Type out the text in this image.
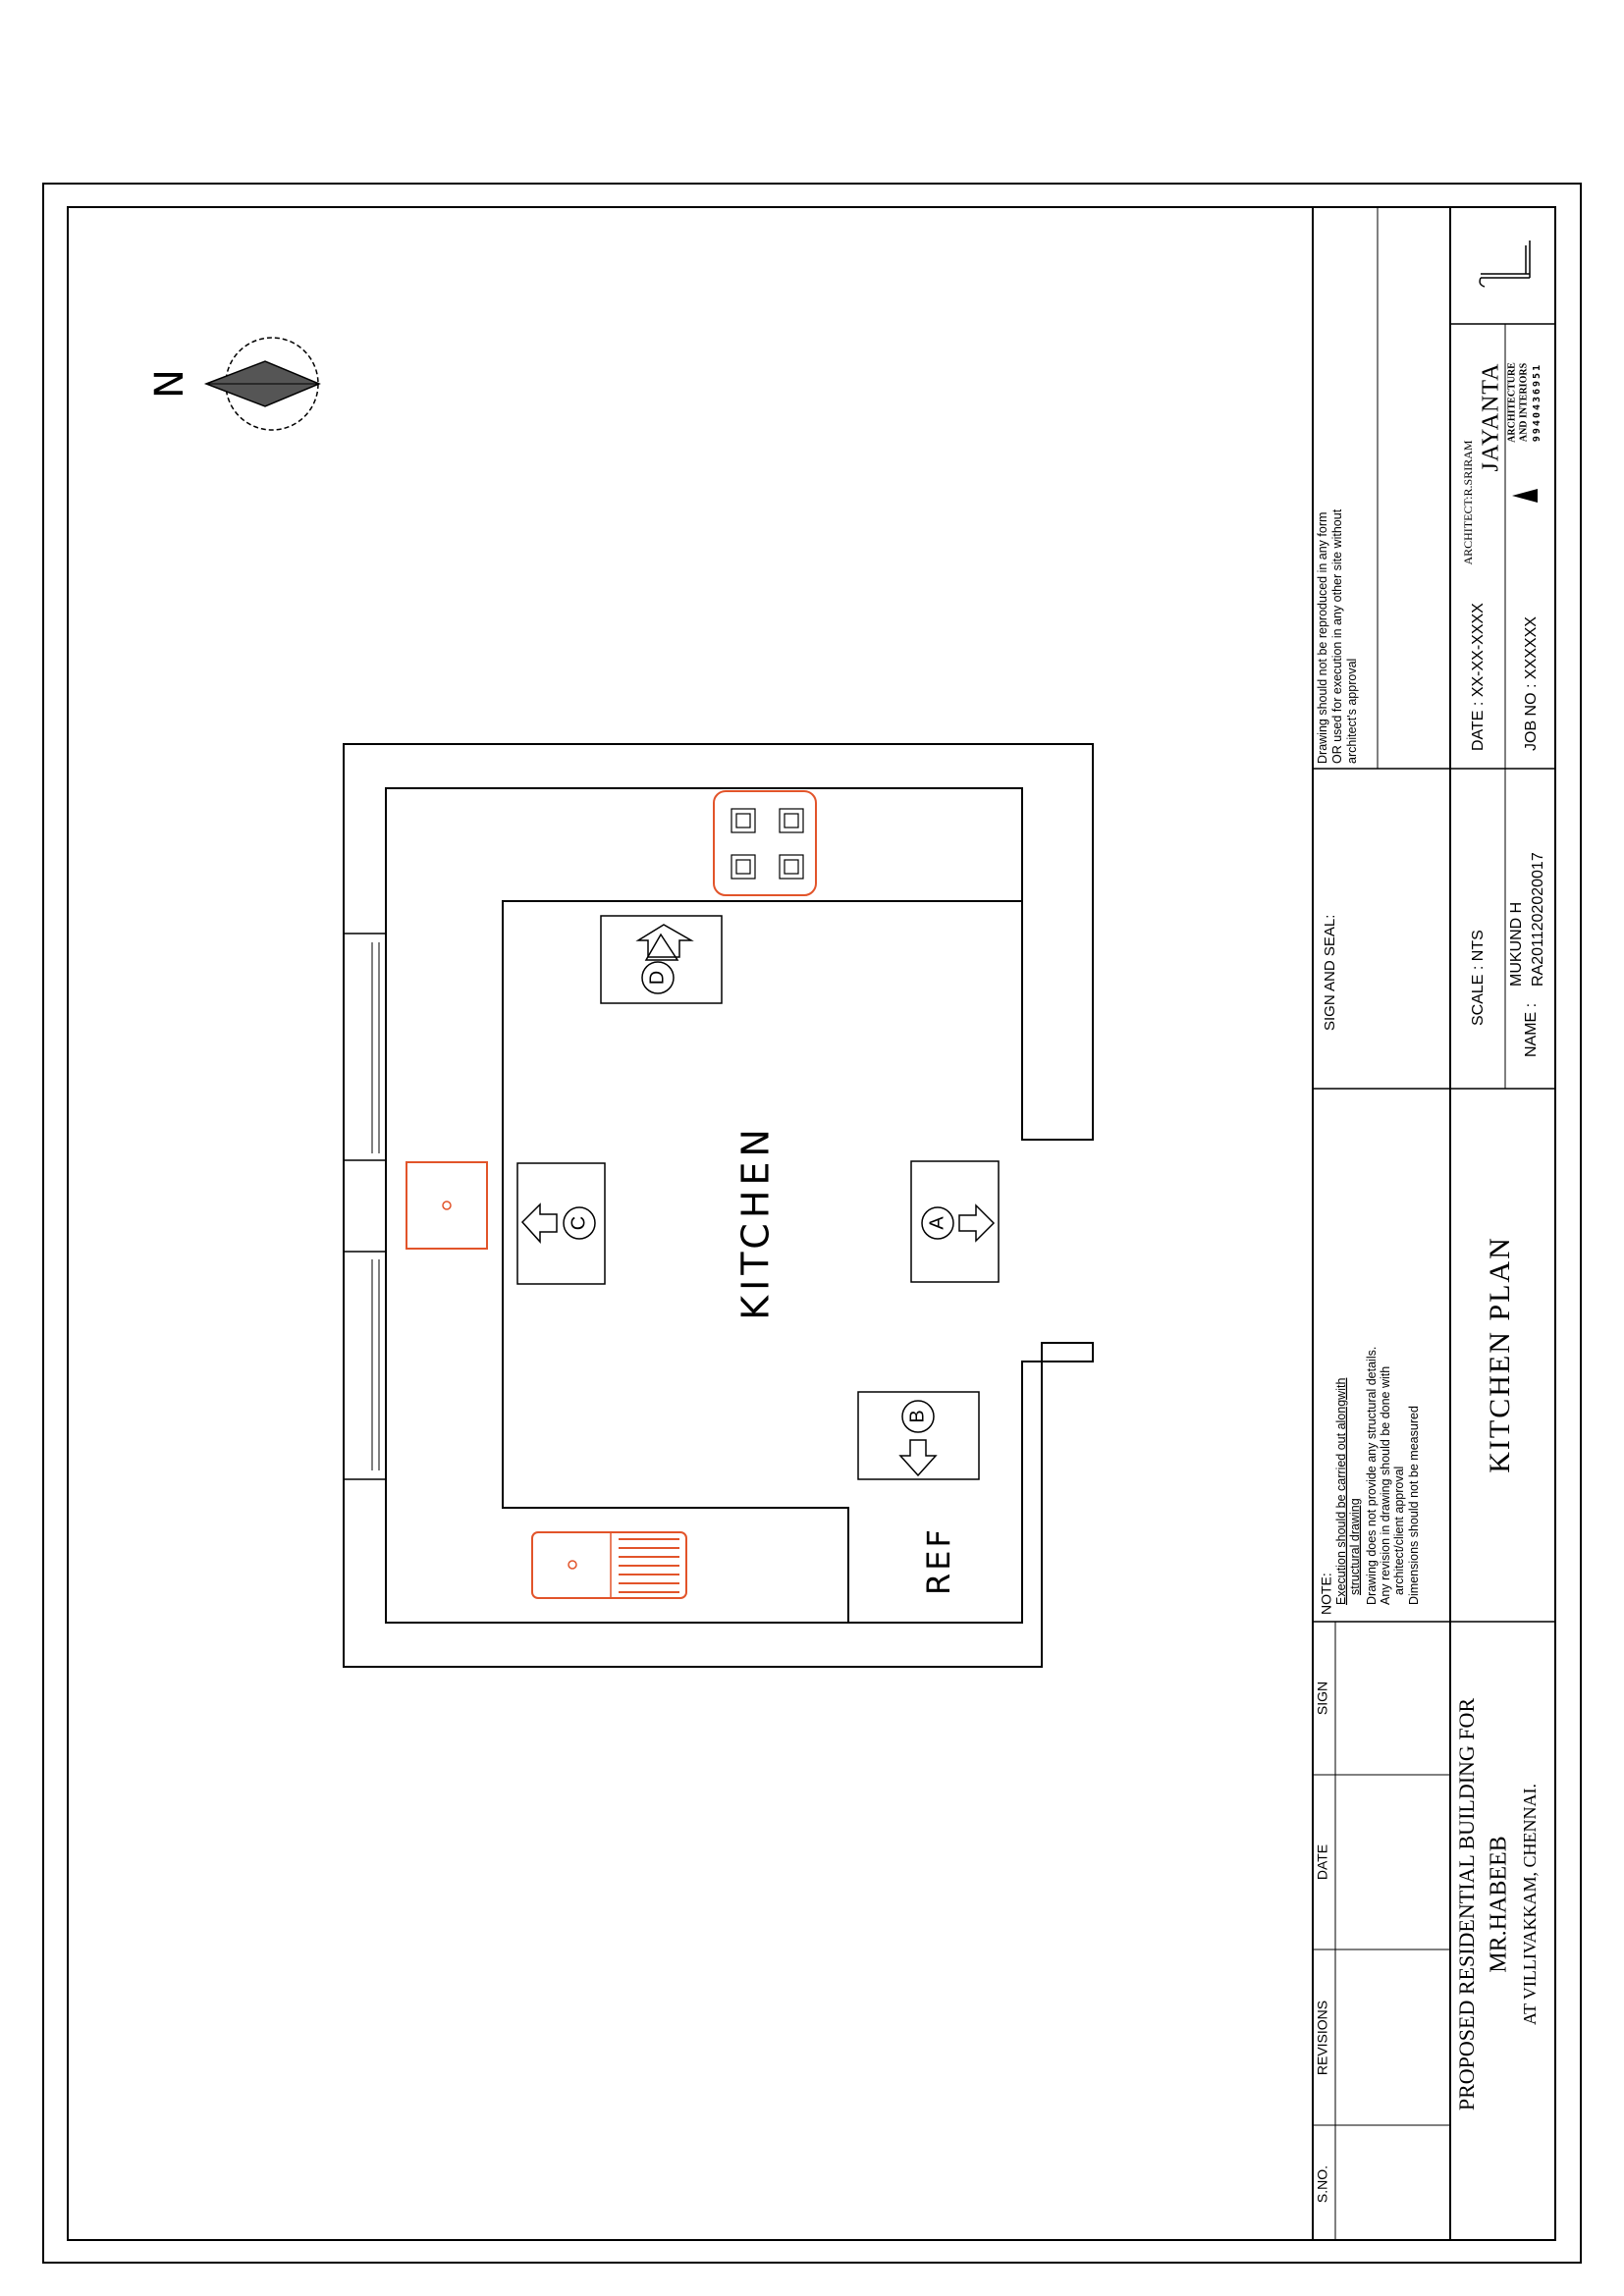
N
D
C	A
B
KITCHEN
REF
S.NO.
REVISIONS
DATE
SIGN	PROPOSED RESIDENTIAL BUILDING FOR MR.HABEEB AT VILLIVAKKAM, CHENNAI.
NOTE: Execution should be carried out alongwith structural drawing Drawing does not provide any structural details. Any revision in drawing should be done with architect/client approval Dimensions should not be measured
KITCHEN PLAN
SIGN AND SEAL:
Drawing should not be reproduced in any form OR used for execution in any other site without architect's approval
SCALE : NTS
NAME :
MUKUND H RA2011202020017
DATE : XX-XX-XXXX JOB NO : XXXXXX
ARCHITECT:R.SRIRAM
JAYANTA ARCHITECTURE AND INTERIORS 9940436951
